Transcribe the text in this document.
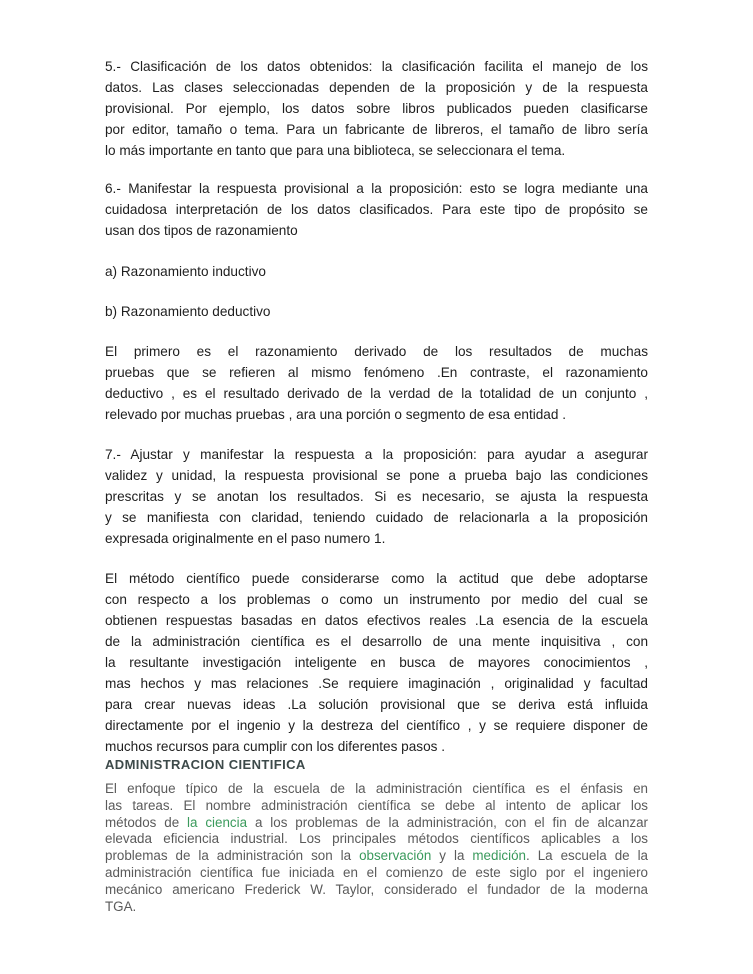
5.- Clasificación de los datos obtenidos: la clasificación facilita el manejo de los
datos. Las clases seleccionadas dependen de la proposición y de la respuesta
provisional. Por ejemplo, los datos sobre libros publicados pueden clasificarse
por editor, tamaño o tema. Para un fabricante de libreros, el tamaño de libro sería
lo más importante en tanto que para una biblioteca, se seleccionara el tema.
6.- Manifestar la respuesta provisional a la proposición: esto se logra mediante una
cuidadosa interpretación de los datos clasificados. Para este tipo de propósito se
usan dos tipos de razonamiento
a) Razonamiento inductivo
b) Razonamiento deductivo
El primero es el razonamiento derivado de los resultados de muchas
pruebas que se refieren al mismo fenómeno .En contraste, el razonamiento
deductivo , es el resultado derivado de la verdad de la totalidad de un conjunto ,
relevado por muchas pruebas , ara una porción o segmento de esa entidad .
7.- Ajustar y manifestar la respuesta a la proposición: para ayudar a asegurar
validez y unidad, la respuesta provisional se pone a prueba bajo las condiciones
prescritas y se anotan los resultados. Si es necesario, se ajusta la respuesta
y se manifiesta con claridad, teniendo cuidado de relacionarla a la proposición
expresada originalmente en el paso numero 1.
El método científico puede considerarse como la actitud que debe adoptarse
con respecto a los problemas o como un instrumento por medio del cual se
obtienen respuestas basadas en datos efectivos reales .La esencia de la escuela
de la administración científica es el desarrollo de una mente inquisitiva , con
la resultante investigación inteligente en busca de mayores conocimientos ,
mas hechos y mas relaciones .Se requiere imaginación , originalidad y facultad
para crear nuevas ideas .La solución provisional que se deriva está influida
directamente por el ingenio y la destreza del científico , y se requiere disponer de
muchos recursos para cumplir con los diferentes pasos .
ADMINISTRACION CIENTIFICA
El enfoque típico de la escuela de la administración científica es el énfasis en
las tareas. El nombre administración científica se debe al intento de aplicar los
métodos de la ciencia a los problemas de la administración, con el fin de alcanzar
elevada eficiencia industrial. Los principales métodos científicos aplicables a los
problemas de la administración son la observación y la medición. La escuela de la
administración científica fue iniciada en el comienzo de este siglo por el ingeniero
mecánico americano Frederick W. Taylor, considerado el fundador de la moderna
TGA.
